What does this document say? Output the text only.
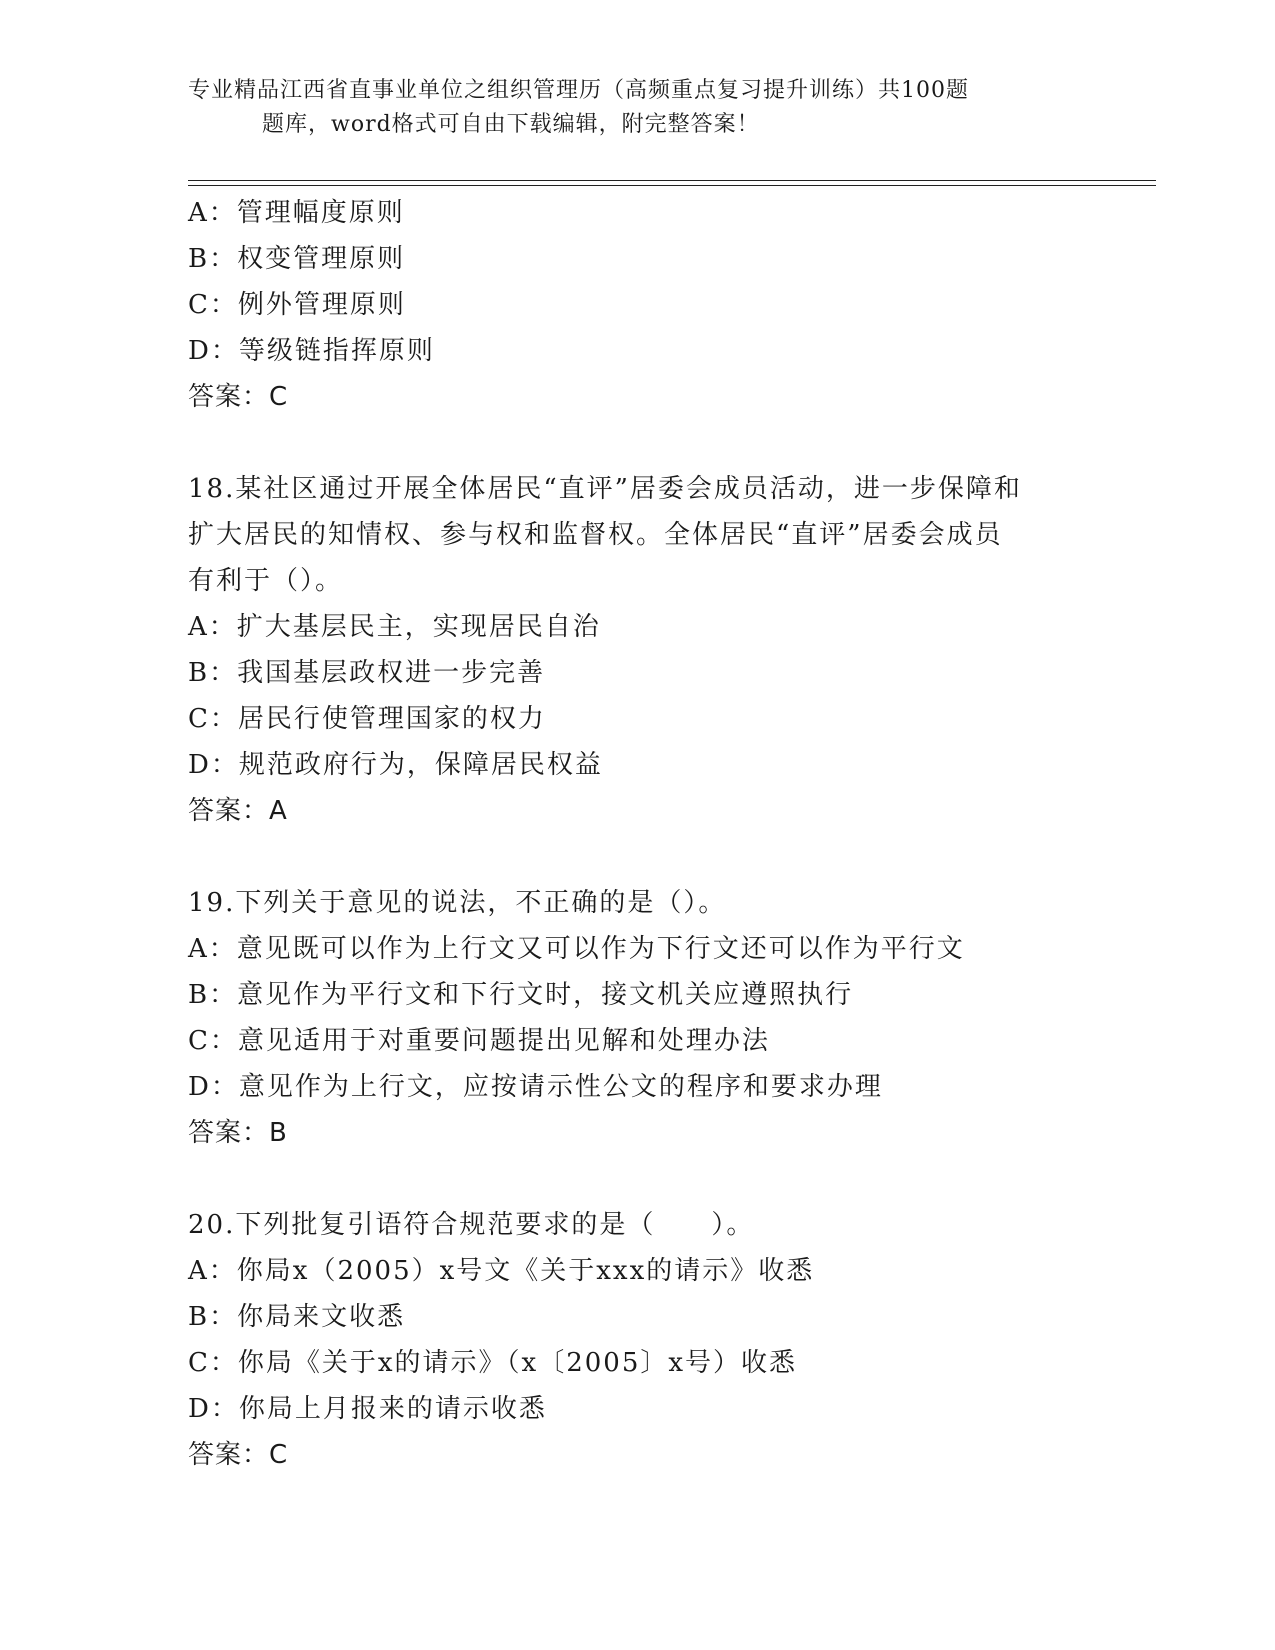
专业精品江西省直事业单位之组织管理历（高频重点复习提升训练）共100题
题库，word格式可自由下载编辑，附完整答案！
A：管理幅度原则
B：权变管理原则
C：例外管理原则
D：等级链指挥原则
答案：C
18.某社区通过开展全体居民“直评”居委会成员活动，进一步保障和
扩大居民的知情权、参与权和监督权。全体居民“直评”居委会成员
有利于（）。
A：扩大基层民主，实现居民自治
B：我国基层政权进一步完善
C：居民行使管理国家的权力
D：规范政府行为，保障居民权益
答案：A
19.下列关于意见的说法，不正确的是（）。
A：意见既可以作为上行文又可以作为下行文还可以作为平行文
B：意见作为平行文和下行文时，接文机关应遵照执行
C：意见适用于对重要问题提出见解和处理办法
D：意见作为上行文，应按请示性公文的程序和要求办理
答案：B
20.下列批复引语符合规范要求的是（　　）。
A：你局x（2005）x号文《关于xxx的请示》收悉
B：你局来文收悉
C：你局《关于x的请示》（x〔2005〕x号）收悉
D：你局上月报来的请示收悉
答案：C
